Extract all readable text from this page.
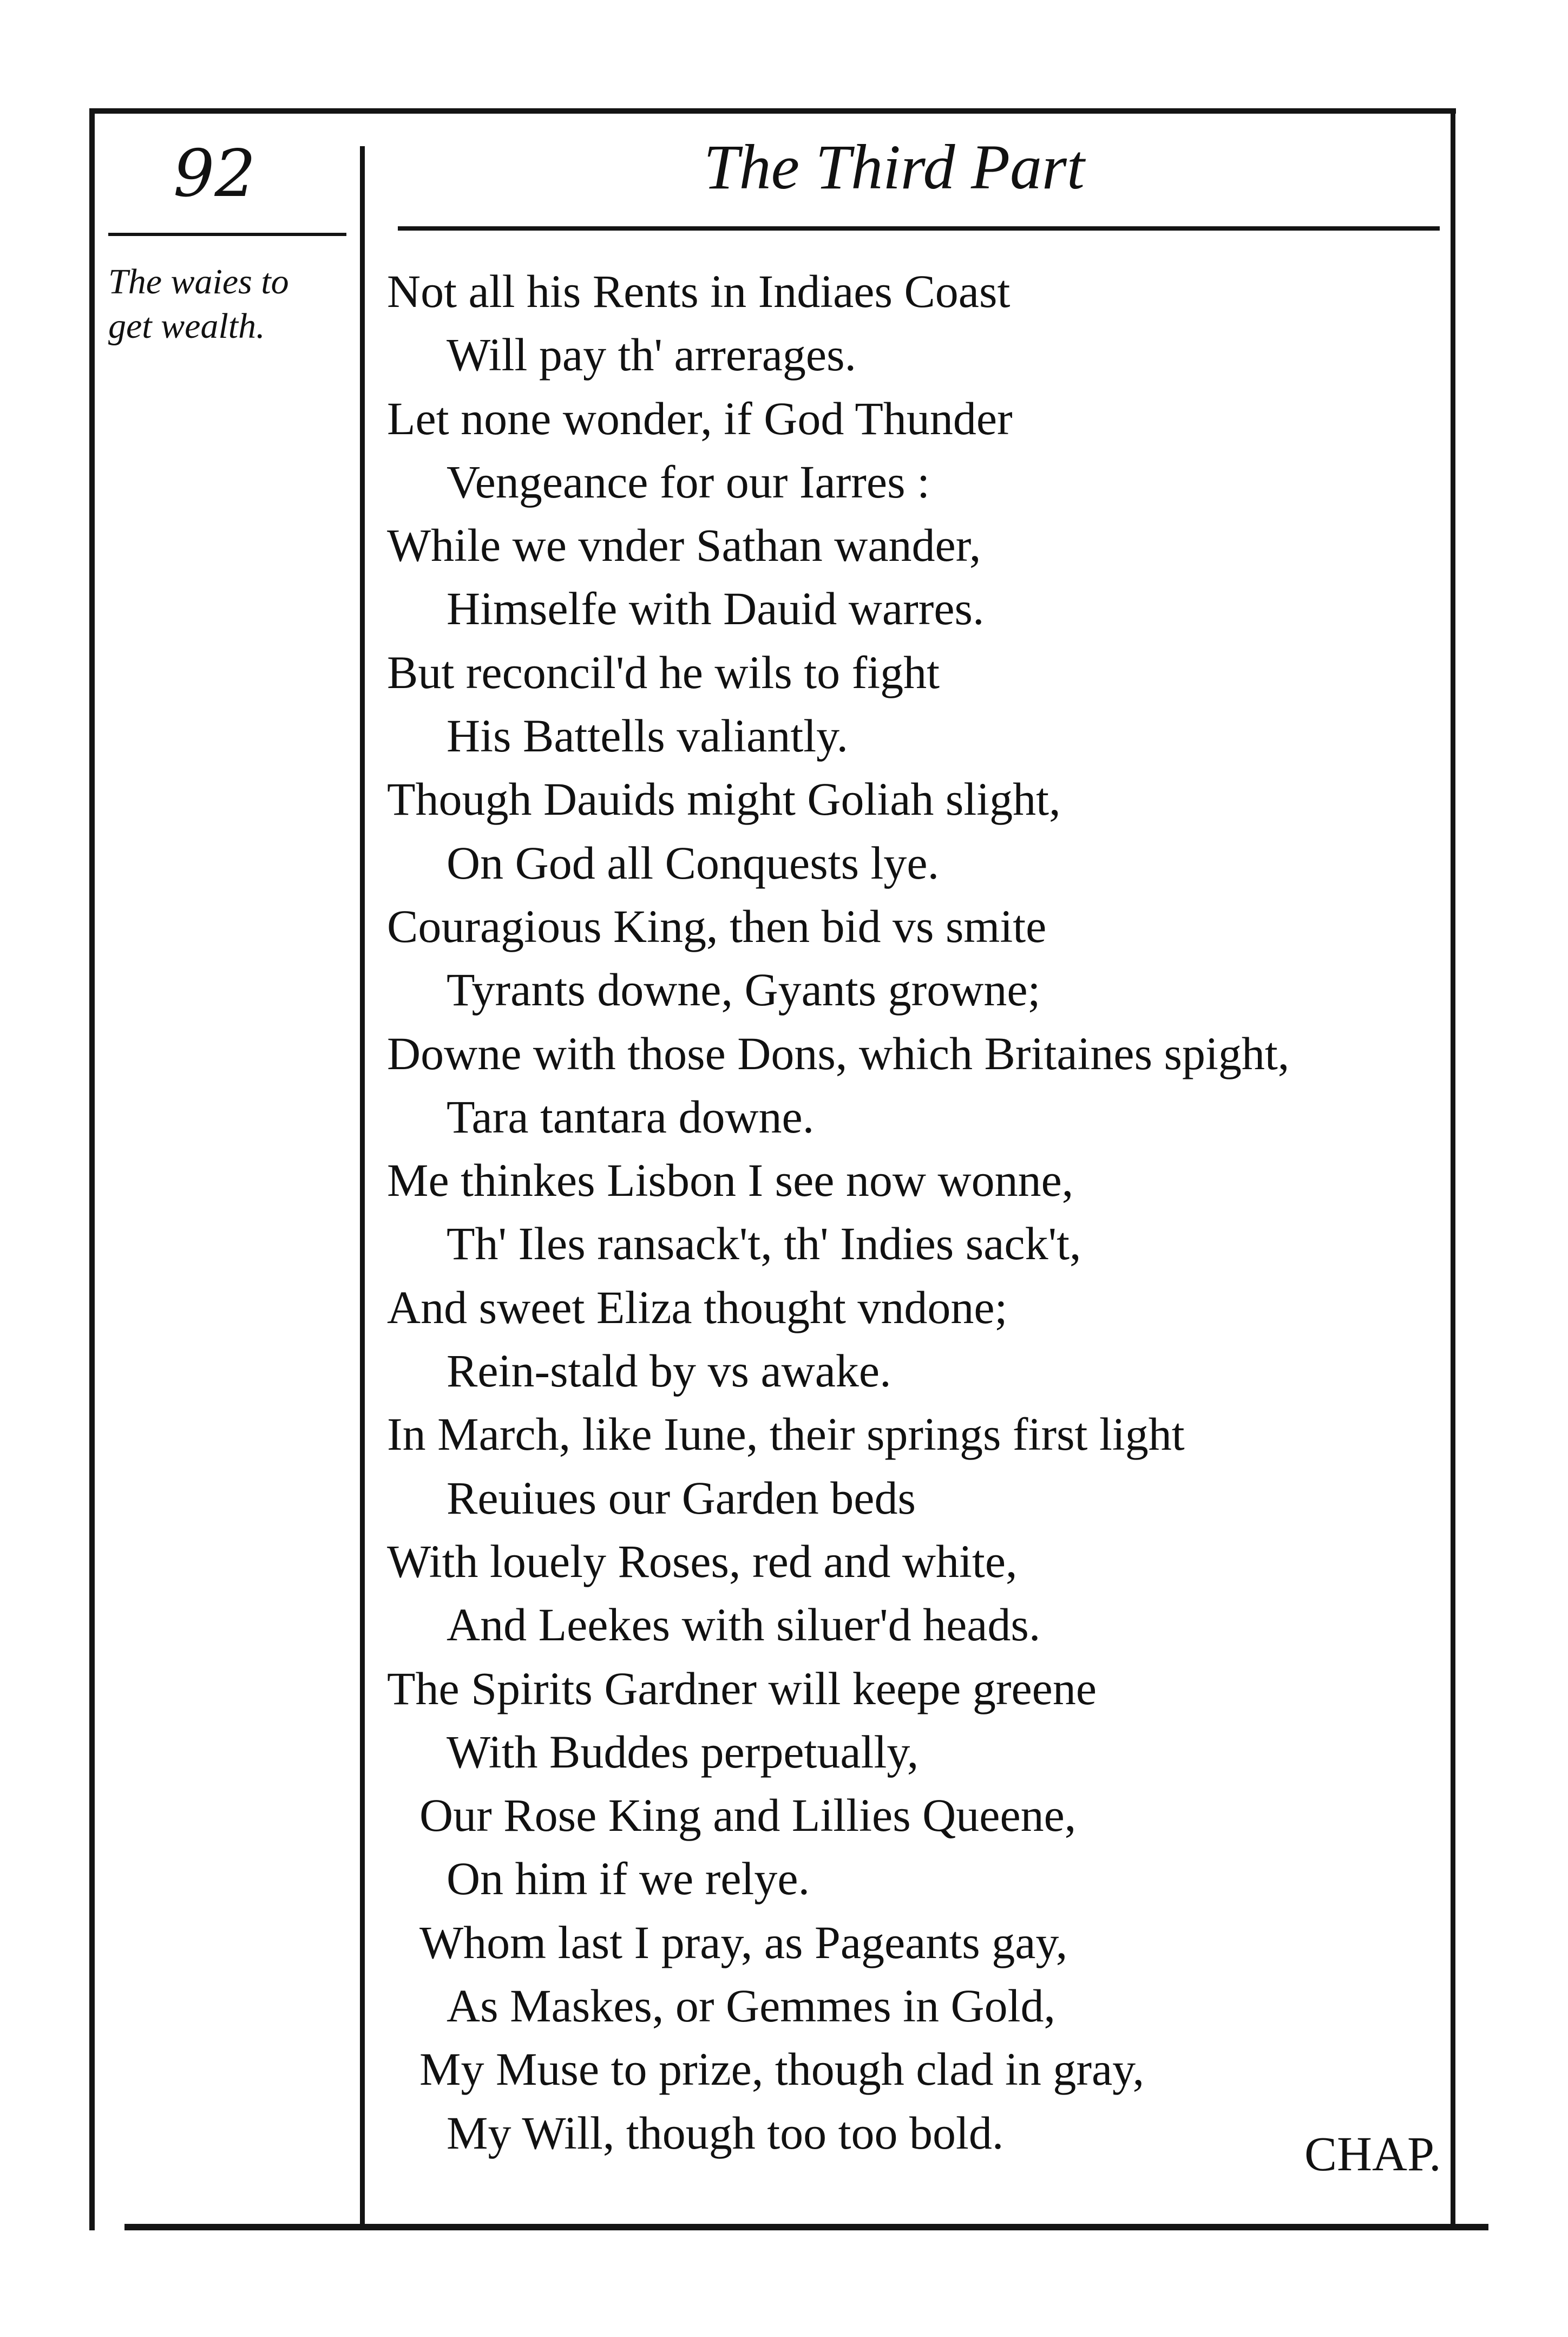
92	The Third Part
The waies to
get wealth.
Not all his Rents in Indiaes Coast
Will pay th' arrerages.
Let none wonder, if God Thunder
Vengeance for our Iarres :
While we vnder Sathan wander,
Himselfe with Dauid warres.
But reconcil'd he wils to fight
His Battells valiantly.
Though Dauids might Goliah slight,
On God all Conquests lye.
Couragious King, then bid vs smite
Tyrants downe, Gyants growne;
Downe with those Dons, which Britaines spight,
Tara tantara downe.
Me thinkes Lisbon I see now wonne,
Th' Iles ransack't, th' Indies sack't,
And sweet Eliza thought vndone;
Rein-stald by vs awake.
In March, like Iune, their springs first light
Reuiues our Garden beds
With louely Roses, red and white,
And Leekes with siluer'd heads.
The Spirits Gardner will keepe greene
With Buddes perpetually,
Our Rose King and Lillies Queene,
On him if we relye.
Whom last I pray, as Pageants gay,
As Maskes, or Gemmes in Gold,
My Muse to prize, though clad in gray,
My Will, though too too bold.	CHAP.
